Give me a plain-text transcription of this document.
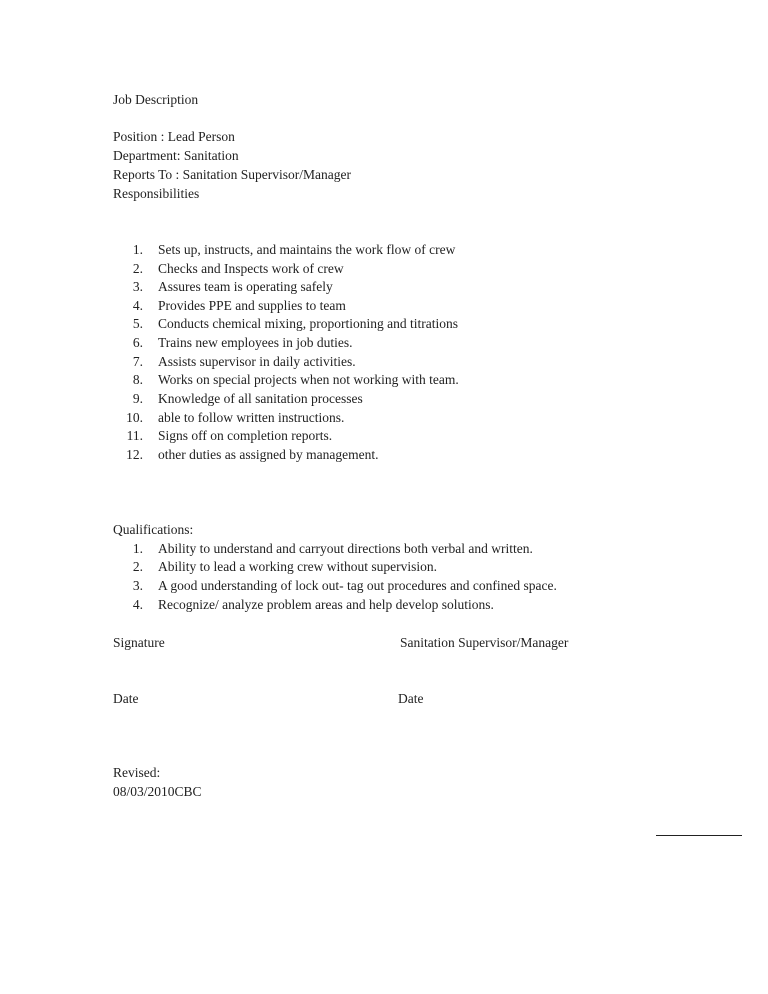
Job Description
Position : Lead Person
Department: Sanitation
Reports To : Sanitation Supervisor/Manager
Responsibilities
1. Sets up, instructs, and maintains the work flow of crew
2. Checks and Inspects work of crew
3. Assures team is operating safely
4. Provides PPE and supplies to team
5. Conducts chemical mixing, proportioning and titrations
6. Trains new employees in job duties.
7. Assists supervisor in daily activities.
8. Works on special projects when not working with team.
9. Knowledge of all sanitation processes
10. able to follow written instructions.
11. Signs off on completion reports.
12. other duties as assigned by management.
Qualifications:
1. Ability to understand and carryout directions both verbal and written.
2. Ability to lead a working crew without supervision.
3. A good understanding of lock out- tag out procedures and confined space.
4. Recognize/ analyze problem areas and help develop solutions.
Signature	Sanitation Supervisor/Manager
Date	Date
Revised:
08/03/2010CBC
